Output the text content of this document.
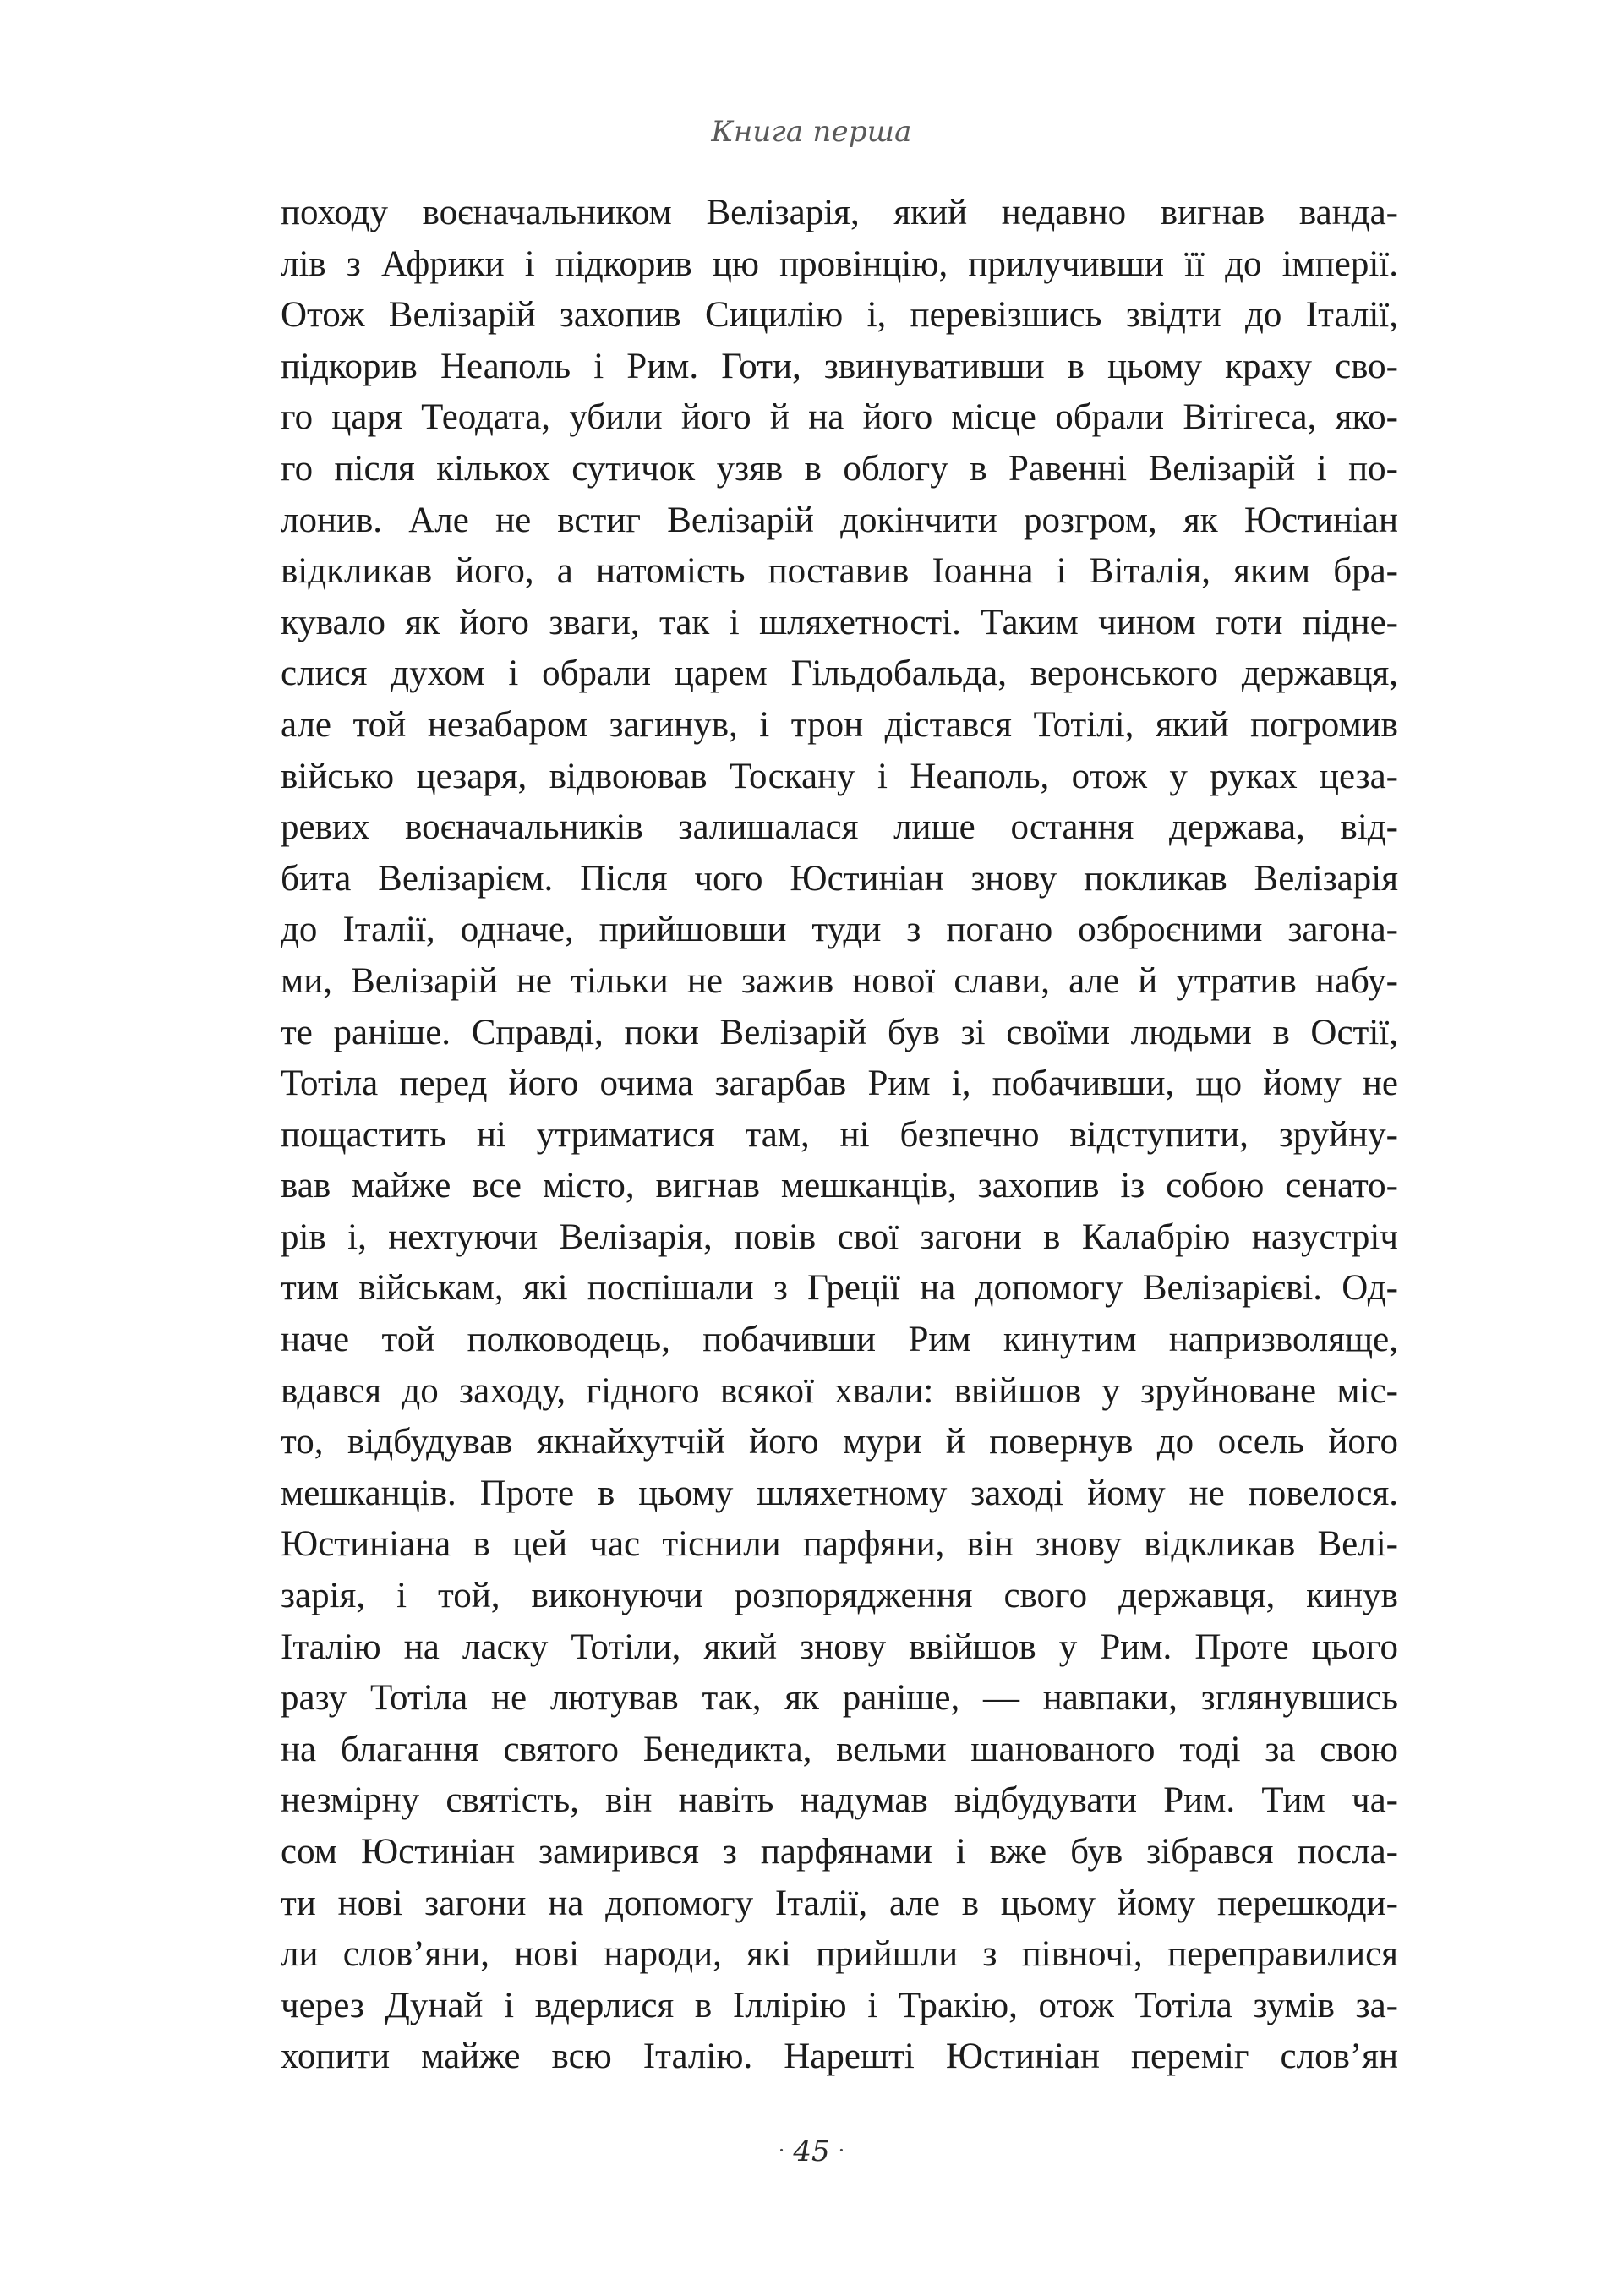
Книга перша
походу воєначальником Велізарія, який недавно вигнав ванда-
лів з Африки і підкорив цю провінцію, прилучивши її до імперії.
Отож Велізарій захопив Сицилію і, перевізшись звідти до Італії,
підкорив Неаполь і Рим. Готи, звинувативши в цьому краху сво-
го царя Теодата, убили його й на його місце обрали Вітігеса, яко-
го після кількох сутичок узяв в облогу в Равенні Велізарій і по-
лонив. Але не встиг Велізарій докінчити розгром, як Юстиніан
відкликав його, а натомість поставив Іоанна і Віталія, яким бра-
кувало як його зваги, так і шляхетності. Таким чином готи підне-
слися духом і обрали царем Гільдобальда, веронського державця,
але той незабаром загинув, і трон дістався Тотілі, який погромив
військо цезаря, відвоював Тоскану і Неаполь, отож у руках цеза-
ревих воєначальників залишалася лише остання держава, від-
бита Велізарієм. Після чого Юстиніан знову покликав Велізарія
до Італії, одначе, прийшовши туди з погано озброєними загона-
ми, Велізарій не тільки не зажив нової слави, але й утратив набу-
те раніше. Справді, поки Велізарій був зі своїми людьми в Остії,
Тотіла перед його очима загарбав Рим і, побачивши, що йому не
пощастить ні утриматися там, ні безпечно відступити, зруйну-
вав майже все місто, вигнав мешканців, захопив із собою сенато-
рів і, нехтуючи Велізарія, повів свої загони в Калабрію назустріч
тим військам, які поспішали з Греції на допомогу Велізарієві. Од-
наче той полководець, побачивши Рим кинутим напризволяще,
вдався до заходу, гідного всякої хвали: ввійшов у зруйноване міс-
то, відбудував якнайхутчій його мури й повернув до осель його
мешканців. Проте в цьому шляхетному заході йому не повелося.
Юстиніана в цей час тіснили парфяни, він знову відкликав Велі-
зарія, і той, виконуючи розпорядження свого державця, кинув
Італію на ласку Тотіли, який знову ввійшов у Рим. Проте цього
разу Тотіла не лютував так, як раніше, — навпаки, зглянувшись
на благання святого Бенедикта, вельми шанованого тоді за свою
незмірну святість, він навіть надумав відбудувати Рим. Тим ча-
сом Юстиніан замирився з парфянами і вже був зібрався посла-
ти нові загони на допомогу Італії, але в цьому йому перешкоди-
ли слов’яни, нові народи, які прийшли з півночі, переправилися
через Дунай і вдерлися в Іллірію і Тракію, отож Тотіла зумів за-
хопити майже всю Італію. Нарешті Юстиніан переміг слов’ян
· 45 ·
